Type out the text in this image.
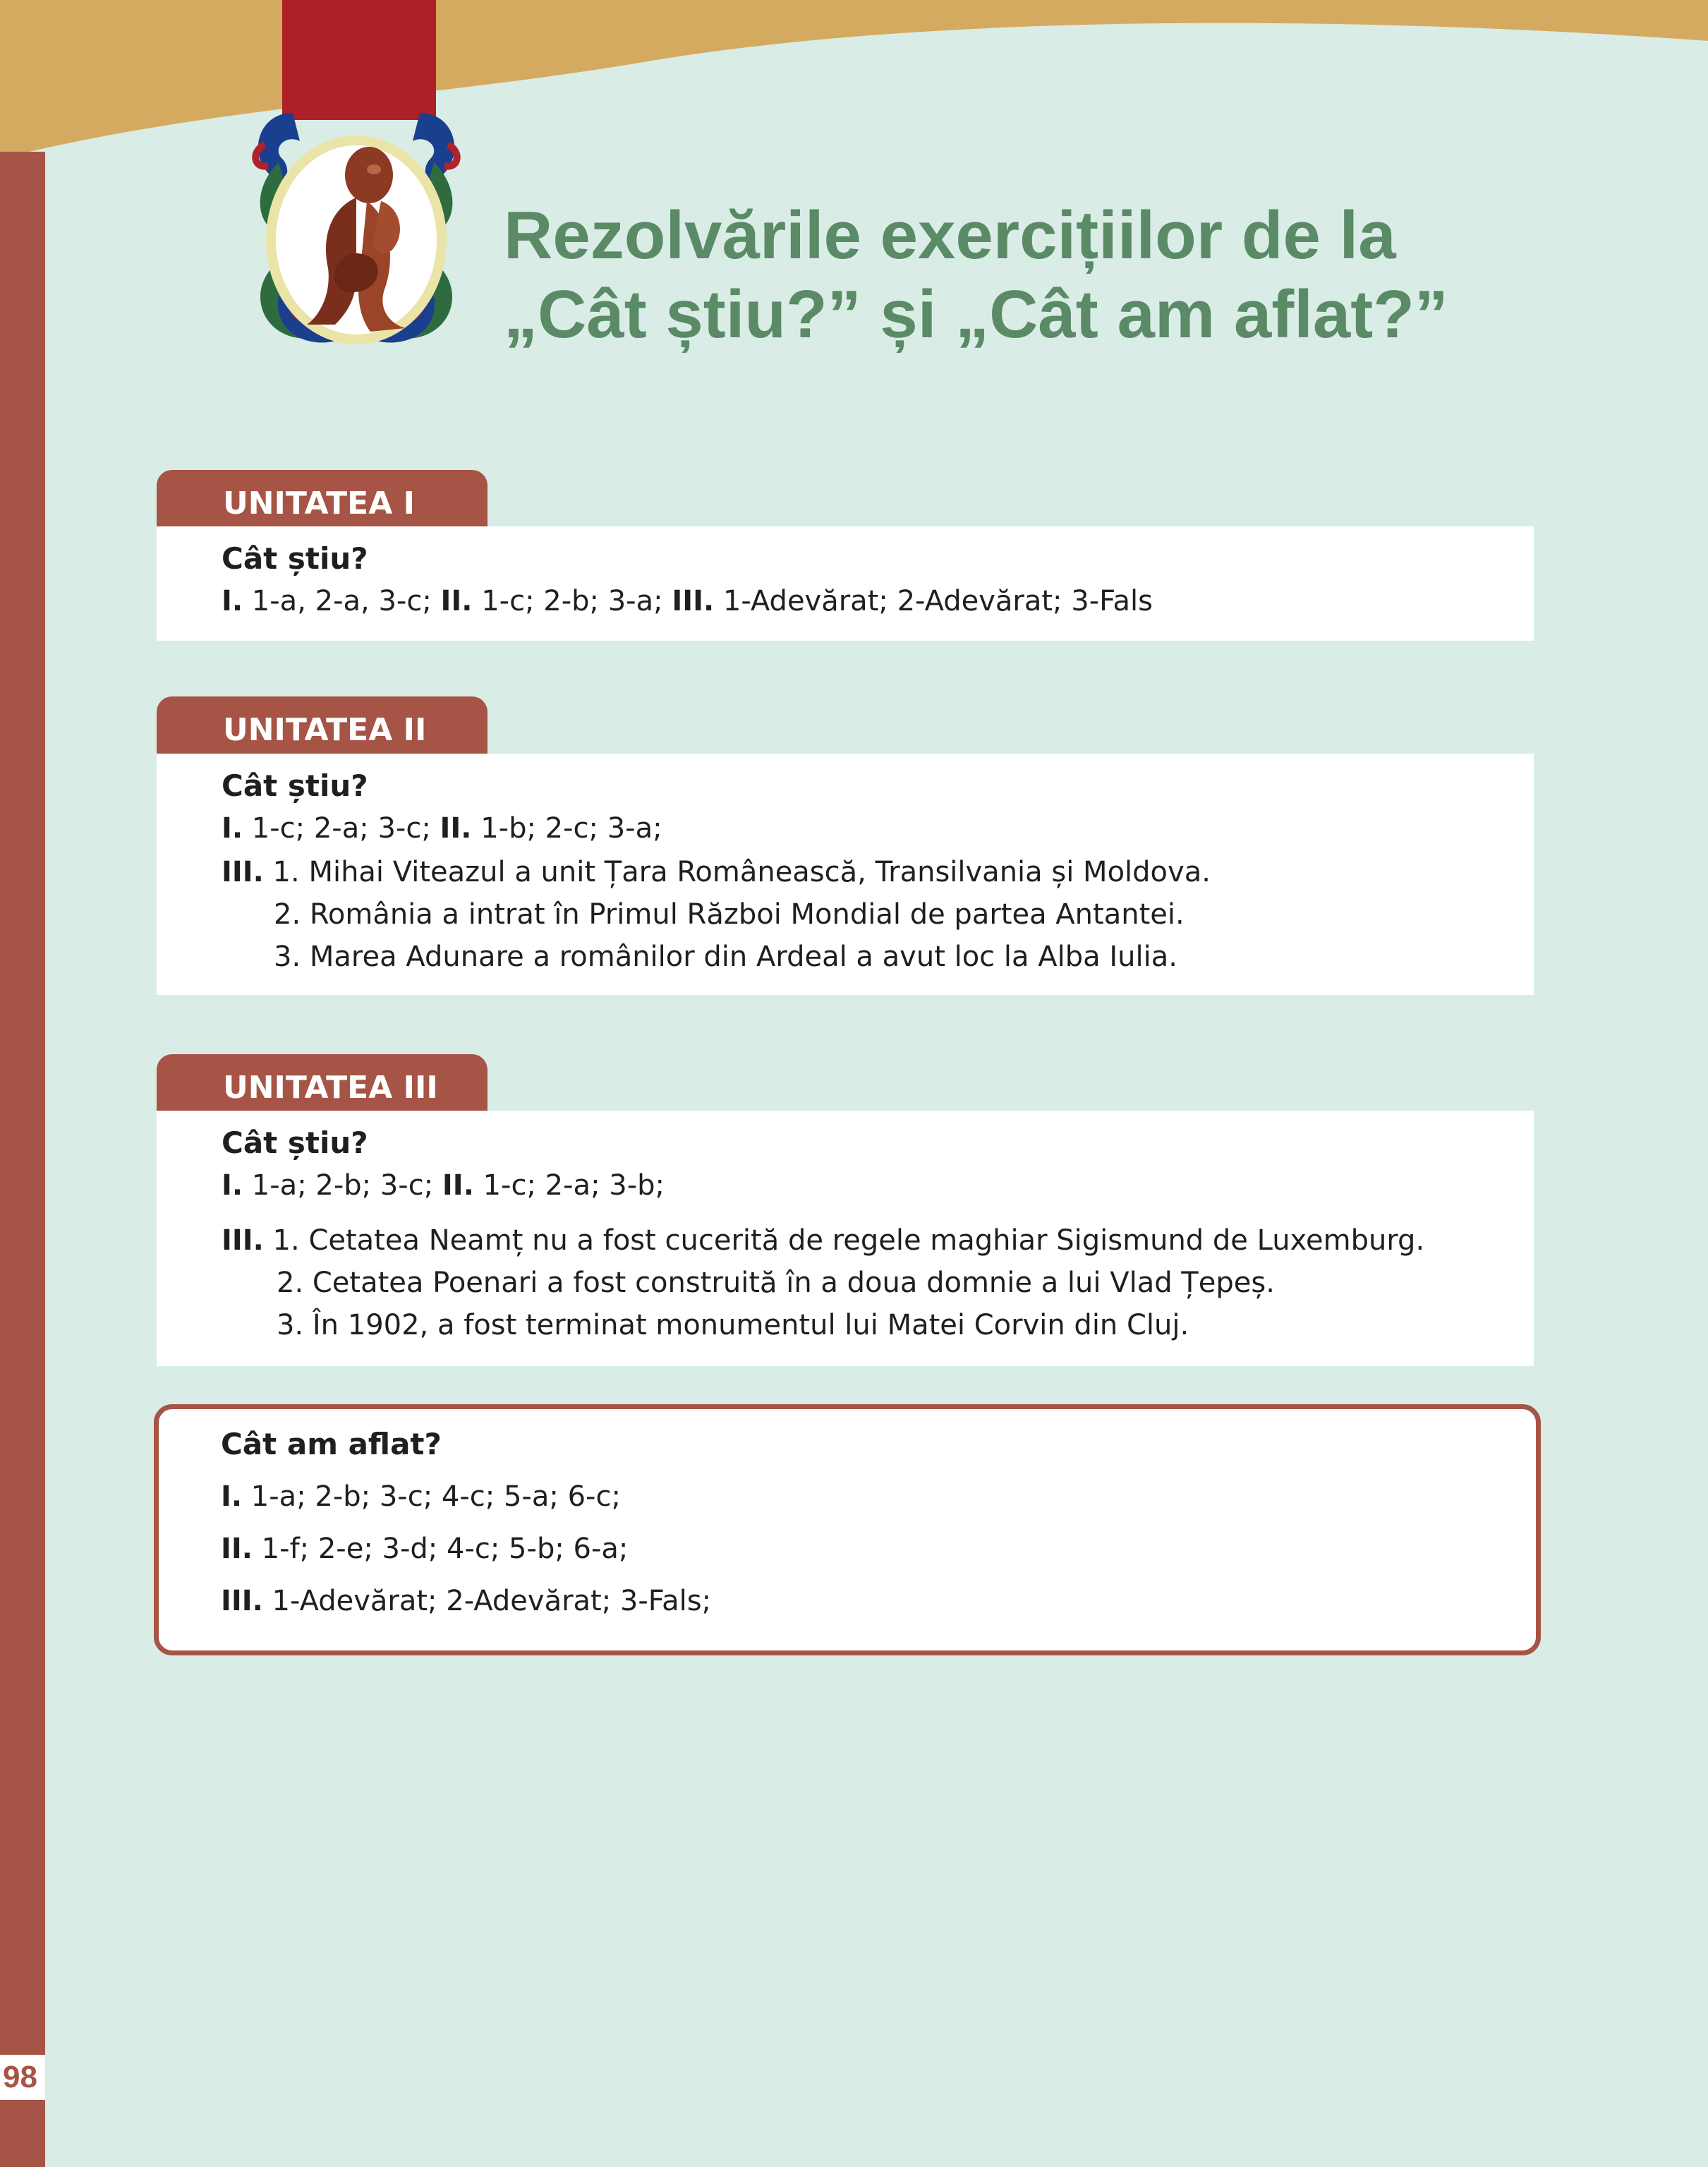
Rezolvările exercițiilor de la
„Cât știu?” și „Cât am aflat?”
UNITATEA I
Cât știu?
I. 1-a, 2-a, 3-c; II. 1-c; 2-b; 3-a; III. 1-Adevărat; 2-Adevărat; 3-Fals
UNITATEA II
Cât știu?
I. 1-c; 2-a; 3-c; II. 1-b; 2-c; 3-a;
III. 1. Mihai Viteazul a unit Țara Românească, Transilvania și Moldova.
2. România a intrat în Primul Război Mondial de partea Antantei.
3. Marea Adunare a românilor din Ardeal a avut loc la Alba Iulia.
UNITATEA III
Cât știu?
I. 1-a; 2-b; 3-c; II. 1-c; 2-a; 3-b;
III. 1. Cetatea Neamț nu a fost cucerită de regele maghiar Sigismund de Luxemburg.
2. Cetatea Poenari a fost construită în a doua domnie a lui Vlad Țepeș.
3. În 1902, a fost terminat monumentul lui Matei Corvin din Cluj.
Cât am aflat?
I. 1-a; 2-b; 3-c; 4-c; 5-a; 6-c;
II. 1-f; 2-e; 3-d; 4-c; 5-b; 6-a;
III. 1-Adevărat; 2-Adevărat; 3-Fals;
98
